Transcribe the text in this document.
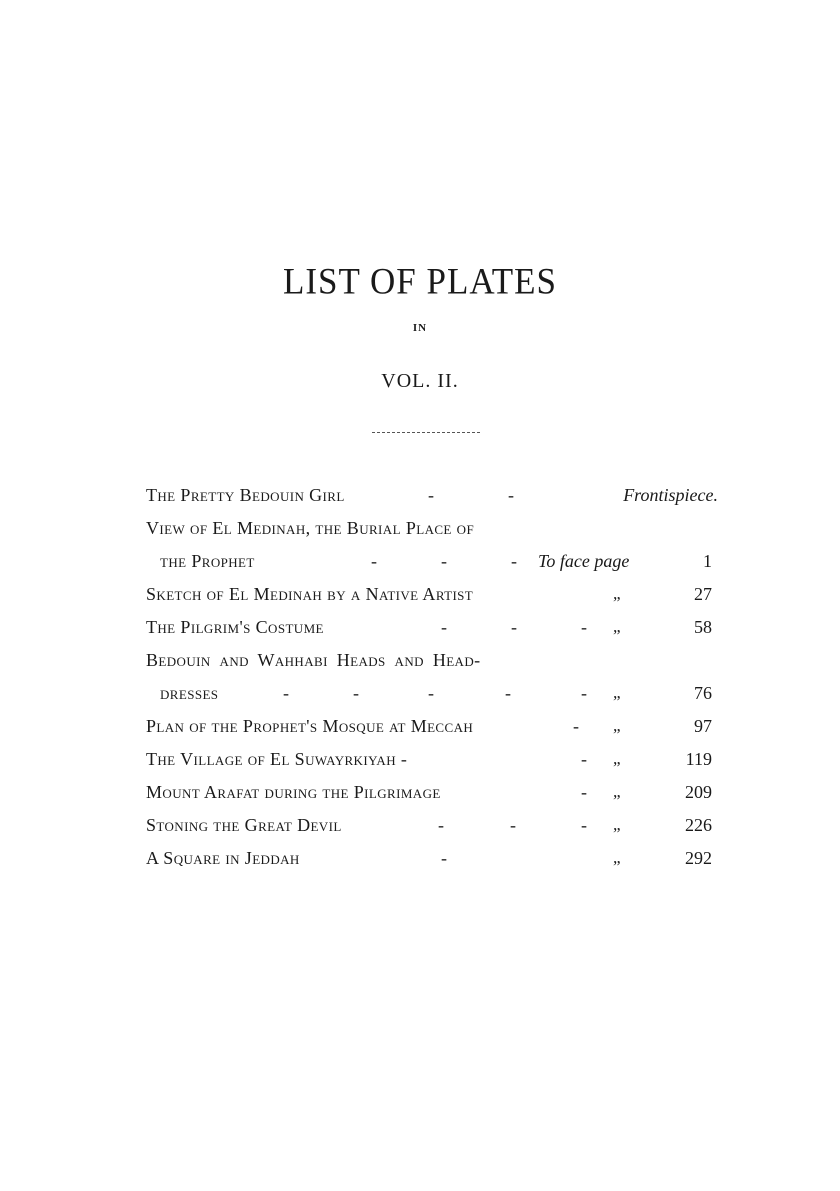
LIST OF PLATES
IN
VOL. II.
The Pretty Bedouin Girl	-	-	Frontispiece.
View of El Medinah, the Burial Place of
the Prophet	-	-	-	To face page	1
Sketch of El Medinah by a Native Artist	„	27
The Pilgrim's Costume	-	-	-	„	58
Bedouin and Wahhabi Heads and Head-
dresses	-	-	-	-	-	„	76
Plan of the Prophet's Mosque at Meccah	-	„	97
The Village of El Suwayrkiyah -	-	„	119
Mount Arafat during the Pilgrimage	-	„	209
Stoning the Great Devil	-	-	-	„	226
A Square in Jeddah	-	„	292
